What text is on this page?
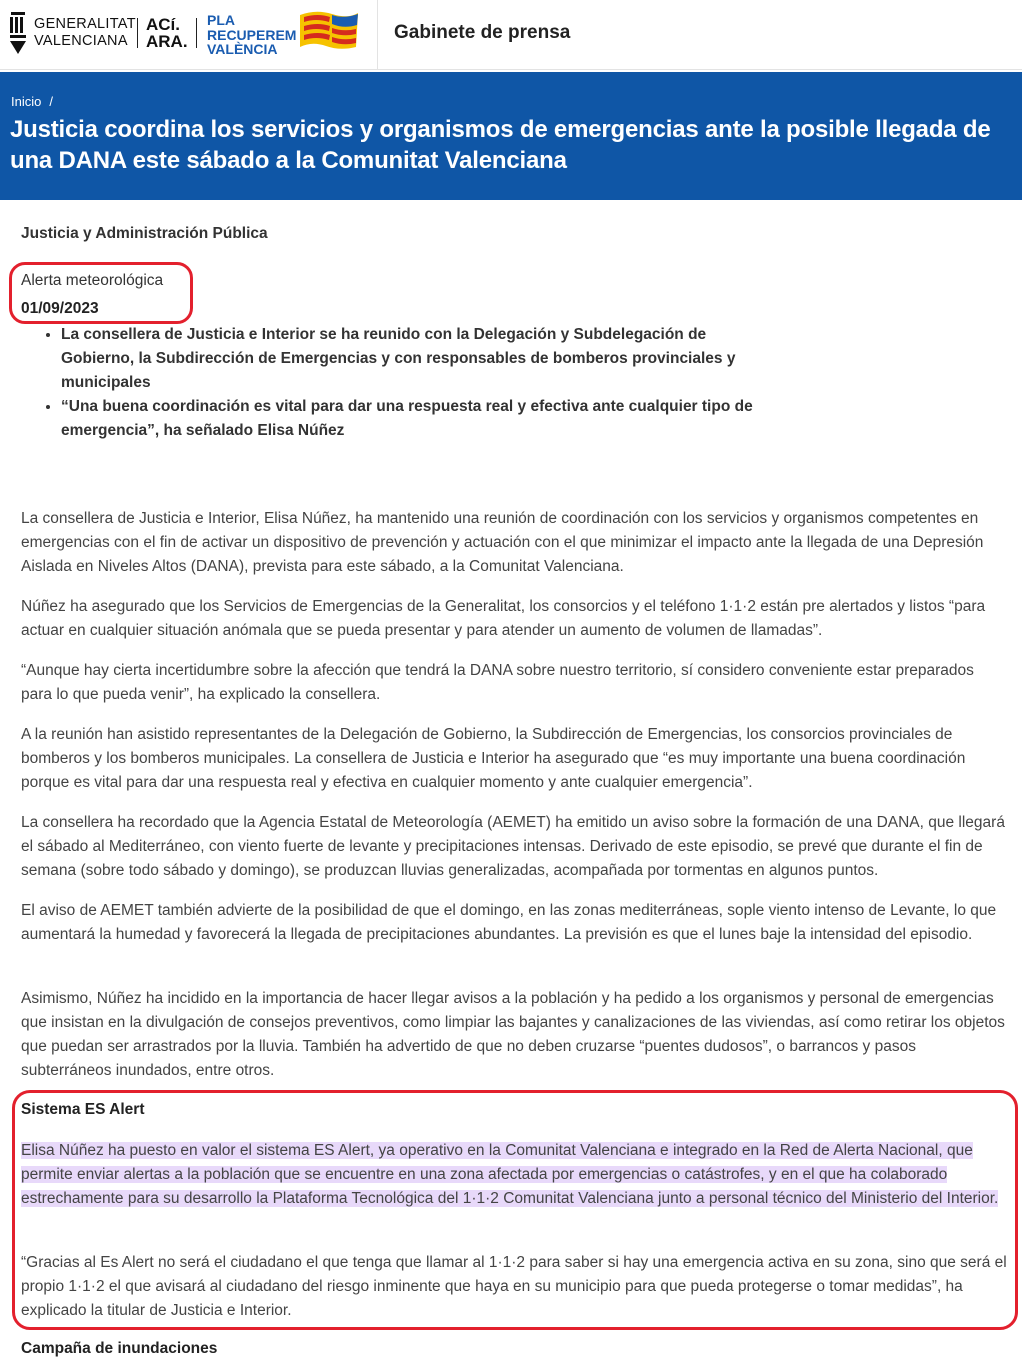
GENERALITAT
VALENCIANA
ACí.
ARA.
PLA
RECUPEREM
VALÈNCIA
Gabinete de prensa
Inicio /
Justicia coordina los servicios y organismos de emergencias ante la posible llegada de una DANA este sábado a la Comunitat Valenciana
Justicia y Administración Pública
Alerta meteorológica
01/09/2023
• La consellera de Justicia e Interior se ha reunido con la Delegación y Subdelegación de Gobierno, la Subdirección de Emergencias y con responsables de bomberos provinciales y municipales
• “Una buena coordinación es vital para dar una respuesta real y efectiva ante cualquier tipo de emergencia”, ha señalado Elisa Núñez

La consellera de Justicia e Interior, Elisa Núñez, ha mantenido una reunión de coordinación con los servicios y organismos competentes en emergencias con el fin de activar un dispositivo de prevención y actuación con el que minimizar el impacto ante la llegada de una Depresión Aislada en Niveles Altos (DANA), prevista para este sábado, a la Comunitat Valenciana.

Núñez ha asegurado que los Servicios de Emergencias de la Generalitat, los consorcios y el teléfono 1·1·2 están pre alertados y listos “para actuar en cualquier situación anómala que se pueda presentar y para atender un aumento de volumen de llamadas”.

“Aunque hay cierta incertidumbre sobre la afección que tendrá la DANA sobre nuestro territorio, sí considero conveniente estar preparados para lo que pueda venir”, ha explicado la consellera.

A la reunión han asistido representantes de la Delegación de Gobierno, la Subdirección de Emergencias, los consorcios provinciales de bomberos y los bomberos municipales. La consellera de Justicia e Interior ha asegurado que “es muy importante una buena coordinación porque es vital para dar una respuesta real y efectiva en cualquier momento y ante cualquier emergencia”.

La consellera ha recordado que la Agencia Estatal de Meteorología (AEMET) ha emitido un aviso sobre la formación de una DANA, que llegará el sábado al Mediterráneo, con viento fuerte de levante y precipitaciones intensas. Derivado de este episodio, se prevé que durante el fin de semana (sobre todo sábado y domingo), se produzcan lluvias generalizadas, acompañada por tormentas en algunos puntos.

El aviso de AEMET también advierte de la posibilidad de que el domingo, en las zonas mediterráneas, sople viento intenso de Levante, lo que aumentará la humedad y favorecerá la llegada de precipitaciones abundantes. La previsión es que el lunes baje la intensidad del episodio.

Asimismo, Núñez ha incidido en la importancia de hacer llegar avisos a la población y ha pedido a los organismos y personal de emergencias que insistan en la divulgación de consejos preventivos, como limpiar las bajantes y canalizaciones de las viviendas, así como retirar los objetos que puedan ser arrastrados por la lluvia. También ha advertido de que no deben cruzarse “puentes dudosos”, o barrancos y pasos subterráneos inundados, entre otros.

Sistema ES Alert

Elisa Núñez ha puesto en valor el sistema ES Alert, ya operativo en la Comunitat Valenciana e integrado en la Red de Alerta Nacional, que permite enviar alertas a la población que se encuentre en una zona afectada por emergencias o catástrofes, y en el que ha colaborado estrechamente para su desarrollo la Plataforma Tecnológica del 1·1·2 Comunitat Valenciana junto a personal técnico del Ministerio del Interior.

“Gracias al Es Alert no será el ciudadano el que tenga que llamar al 1·1·2 para saber si hay una emergencia activa en su zona, sino que será el propio 1·1·2 el que avisará al ciudadano del riesgo inminente que haya en su municipio para que pueda protegerse o tomar medidas”, ha explicado la titular de Justicia e Interior.

Campaña de inundaciones
